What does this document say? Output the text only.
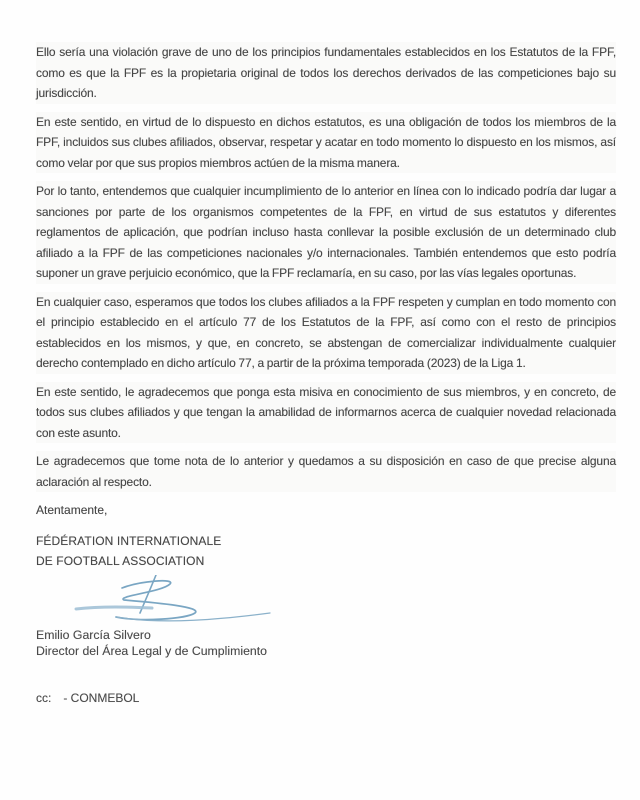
Ello sería una violación grave de uno de los principios fundamentales establecidos en los Estatutos de la FPF, como es que la FPF es la propietaria original de todos los derechos derivados de las competiciones bajo su jurisdicción.

En este sentido, en virtud de lo dispuesto en dichos estatutos, es una obligación de todos los miembros de la FPF, incluidos sus clubes afiliados, observar, respetar y acatar en todo momento lo dispuesto en los mismos, así como velar por que sus propios miembros actúen de la misma manera.

Por lo tanto, entendemos que cualquier incumplimiento de lo anterior en línea con lo indicado podría dar lugar a sanciones por parte de los organismos competentes de la FPF, en virtud de sus estatutos y diferentes reglamentos de aplicación, que podrían incluso hasta conllevar la posible exclusión de un determinado club afiliado a la FPF de las competiciones nacionales y/o internacionales. También entendemos que esto podría suponer un grave perjuicio económico, que la FPF reclamaría, en su caso, por las vías legales oportunas.

En cualquier caso, esperamos que todos los clubes afiliados a la FPF respeten y cumplan en todo momento con el principio establecido en el artículo 77 de los Estatutos de la FPF, así como con el resto de principios establecidos en los mismos, y que, en concreto, se abstengan de comercializar individualmente cualquier derecho contemplado en dicho artículo 77, a partir de la próxima temporada (2023) de la Liga 1.

En este sentido, le agradecemos que ponga esta misiva en conocimiento de sus miembros, y en concreto, de todos sus clubes afiliados y que tengan la amabilidad de informarnos acerca de cualquier novedad relacionada con este asunto.

Le agradecemos que tome nota de lo anterior y quedamos a su disposición en caso de que precise alguna aclaración al respecto.

Atentamente,
FÉDÉRATION INTERNATIONALE
DE FOOTBALL ASSOCIATION
Emilio García Silvero
Director del Área Legal y de Cumplimiento
cc: - CONMEBOL
